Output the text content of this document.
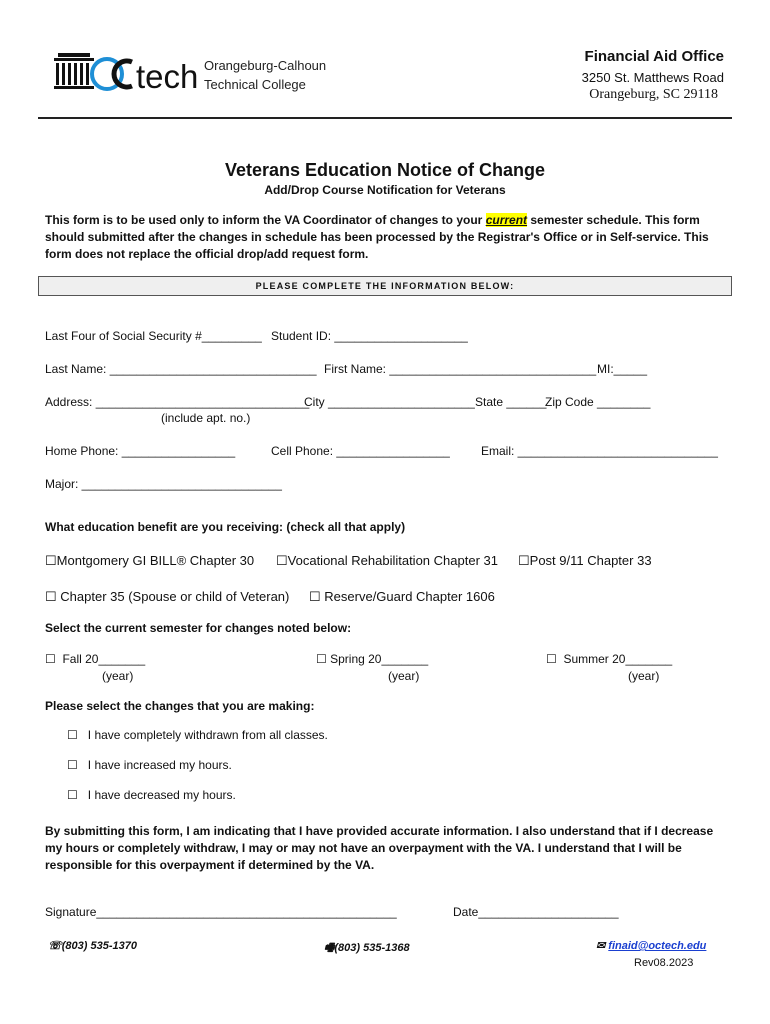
tech Orangeburg-Calhoun
Technical College
Financial Aid Office
3250 St. Matthews Road
Orangeburg, SC 29118
Veterans Education Notice of Change
Add/Drop Course Notification for Veterans
This form is to be used only to inform the VA Coordinator of changes to your current semester schedule. This form should submitted after the changes in schedule has been processed by the Registrar's Office or in Self-service. This form does not replace the official drop/add request form.
PLEASE COMPLETE THE INFORMATION BELOW:
Last Four of Social Security #_________ Student ID: ____________________
Last Name: _______________________________ First Name: _______________________________ MI:_____
Address: ________________________________
City ______________________ State ______
Zip Code ________
(include apt. no.)
Home Phone: _________________	Cell Phone: _________________	Email: ______________________________
Major: ______________________________
What education benefit are you receiving: (check all that apply)
☐Montgomery GI BILL® Chapter 30 ☐Vocational Rehabilitation Chapter 31 ☐Post 9/11 Chapter 33
☐ Chapter 35 (Spouse or child of Veteran) ☐ Reserve/Guard Chapter 1606
Select the current semester for changes noted below:
☐ Fall 20_______	☐ Spring 20_______	☐ Summer 20_______
(year)	(year)	(year)
Please select the changes that you are making:
☐ I have completely withdrawn from all classes.
☐ I have increased my hours.
☐ I have decreased my hours.
By submitting this form, I am indicating that I have provided accurate information. I also understand that if I decrease my hours or completely withdraw, I may or may not have an overpayment with the VA. I understand that I will be responsible for this overpayment if determined by the VA.
Signature_____________________________________________	Date_____________________
☏(803) 535-1370	🖷(803) 535-1368	✉ finaid@octech.edu
Rev08.2023
